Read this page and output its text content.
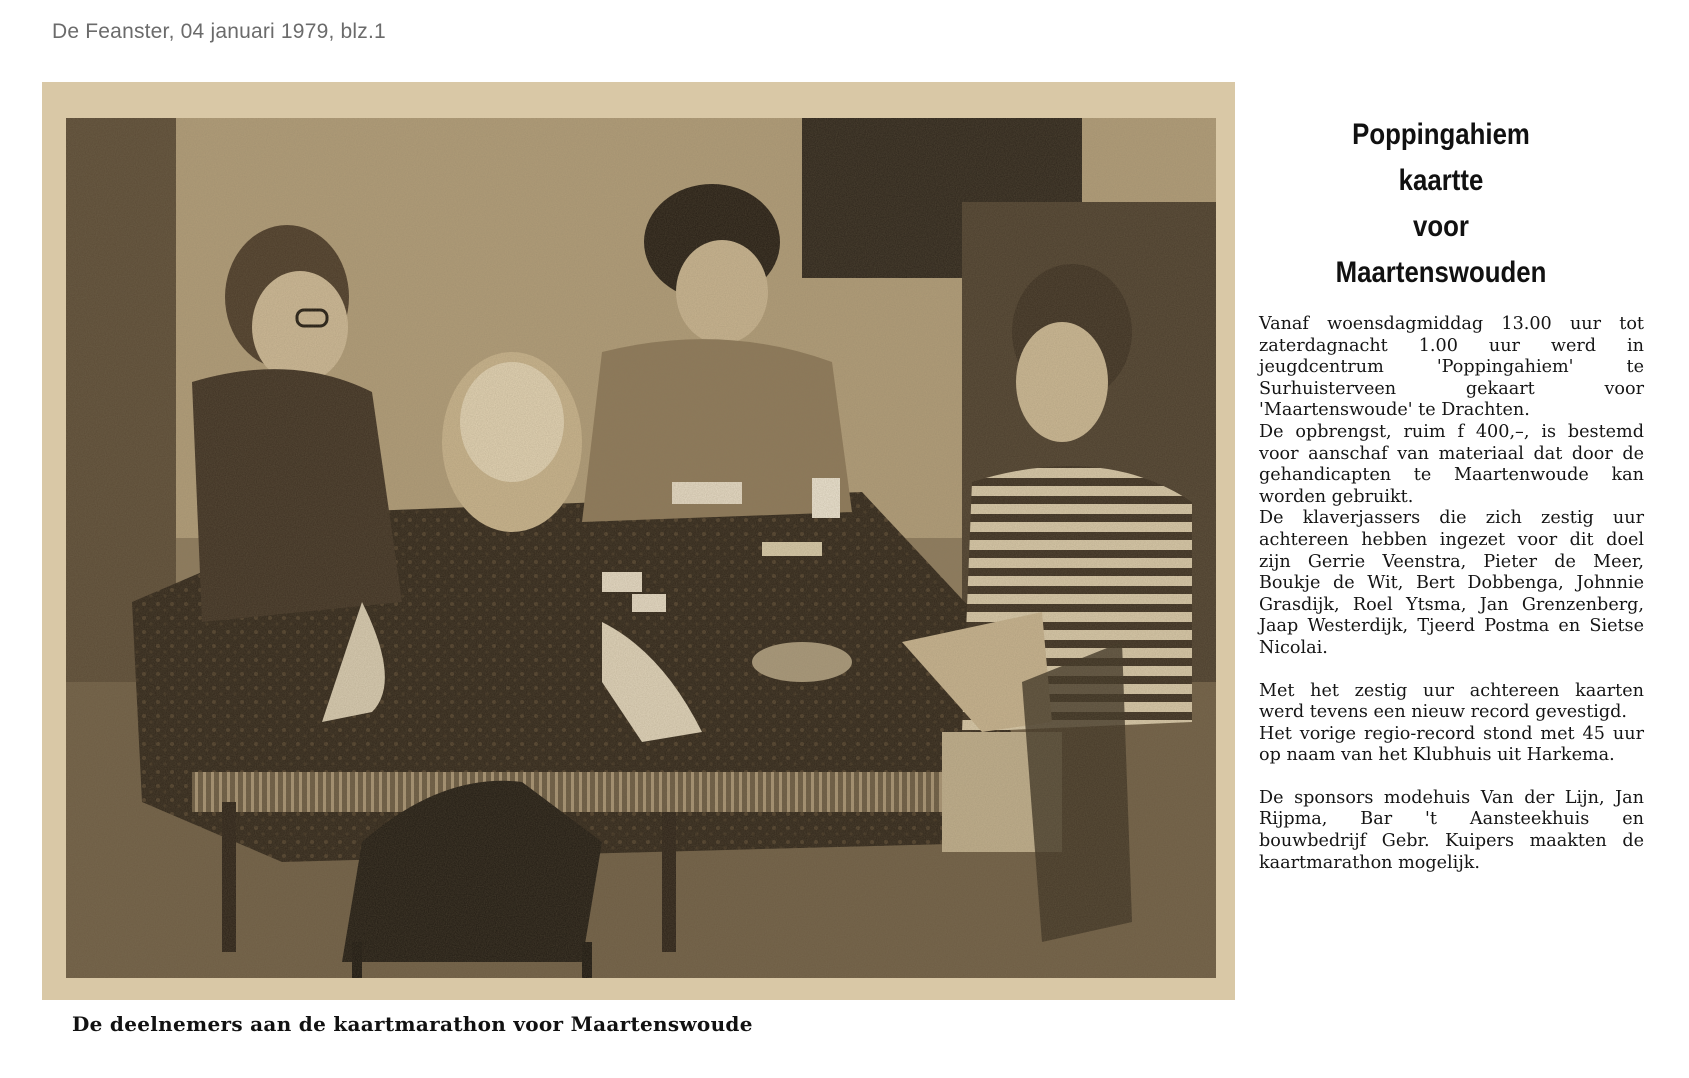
De Feanster, 04 januari 1979, blz.1
De deelnemers aan de kaartmarathon voor Maartenswoude
Poppingahiem
kaartte
voor
Maartenswouden

Vanaf woensdagmiddag 13.00 uur tot zaterdagnacht 1.00 uur werd in jeugdcentrum 'Poppingahiem' te Surhuisterveen gekaart voor 'Maartenswoude' te Drachten.

De opbrengst, ruim f 400,–, is bestemd voor aanschaf van materiaal dat door de gehandicapten te Maartenwoude kan worden gebruikt.

De klaverjassers die zich zestig uur achtereen hebben ingezet voor dit doel zijn Gerrie Veenstra, Pieter de Meer, Boukje de Wit, Bert Dobbenga, Johnnie Grasdijk, Roel Ytsma, Jan Grenzenberg, Jaap Westerdijk, Tjeerd Postma en Sietse Nicolai.

Met het zestig uur achtereen kaarten werd tevens een nieuw record gevestigd.

Het vorige regio-record stond met 45 uur op naam van het Klubhuis uit Harkema.

De sponsors modehuis Van der Lijn, Jan Rijpma, Bar 't Aansteekhuis en bouwbedrijf Gebr. Kuipers maakten de kaartmarathon mogelijk.
